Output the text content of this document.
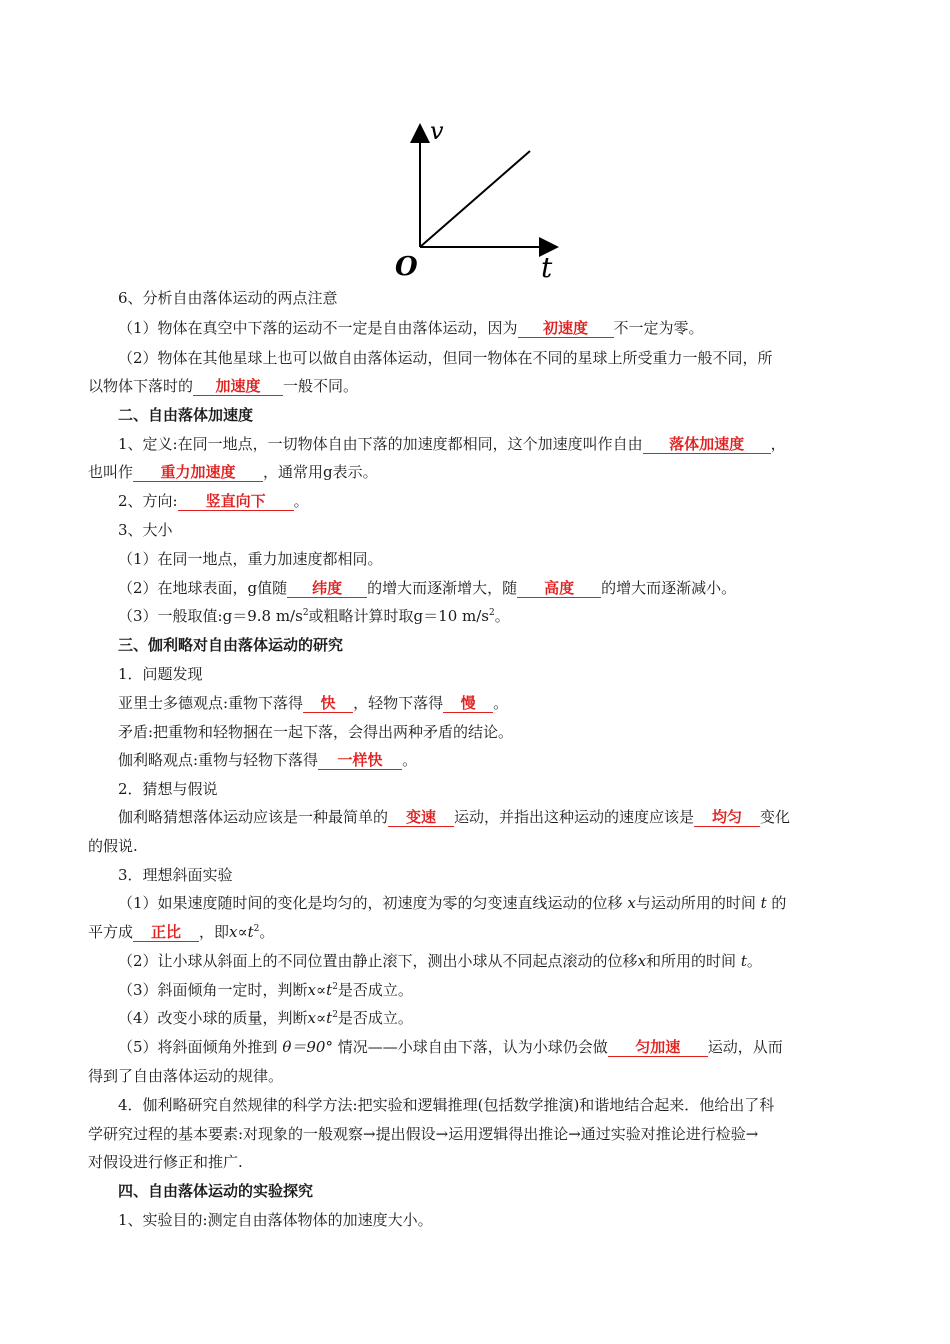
v
O	t
6、分析自由落体运动的两点注意
（1）物体在真空中下落的运动不一定是自由落体运动，因为 初速度 不一定为零。
（2）物体在其他星球上也可以做自由落体运动，但同一物体在不同的星球上所受重力一般不同，所
以物体下落时的 加速度 一般不同。
二、自由落体加速度
1、定义:在同一地点，一切物体自由下落的加速度都相同，这个加速度叫作自由 落体加速度 ，
也叫作 重力加速度 ，通常用g表示。
2、方向: 竖直向下 。
3、大小
（1）在同一地点，重力加速度都相同。
（2）在地球表面，g值随 纬度 的增大而逐渐增大，随 高度 的增大而逐渐减小。
（3）一般取值:g＝9.8 $m/s^2$或粗略计算时取g＝10 $m/s^2$。
三、伽利略对自由落体运动的研究
1．问题发现
亚里士多德观点:重物下落得 快 ，轻物下落得 慢 。
矛盾:把重物和轻物捆在一起下落，会得出两种矛盾的结论。
伽利略观点:重物与轻物下落得 一样快 。
2．猜想与假说
伽利略猜想落体运动应该是一种最简单的 变速 运动，并指出这种运动的速度应该是 均匀 变化
的假说.
3．理想斜面实验
（1）如果速度随时间的变化是均匀的，初速度为零的匀变速直线运动的位移 x与运动所用的时间 t 的
平方成 正比 ，即$x\propto t^2$。
（2）让小球从斜面上的不同位置由静止滚下，测出小球从不同起点滚动的位移x和所用的时间 t。
（3）斜面倾角一定时，判断$x\propto t^2$是否成立。
（4）改变小球的质量，判断$x\propto t^2$是否成立。
（5）将斜面倾角外推到 θ＝90° 情况——小球自由下落，认为小球仍会做 匀加速 运动，从而
得到了自由落体运动的规律。
4．伽利略研究自然规律的科学方法:把实验和逻辑推理(包括数学推演)和谐地结合起来．他给出了科
学研究过程的基本要素:对现象的一般观察→提出假设→运用逻辑得出推论→通过实验对推论进行检验→
对假设进行修正和推广.
四、自由落体运动的实验探究
1、实验目的:测定自由落体物体的加速度大小。
